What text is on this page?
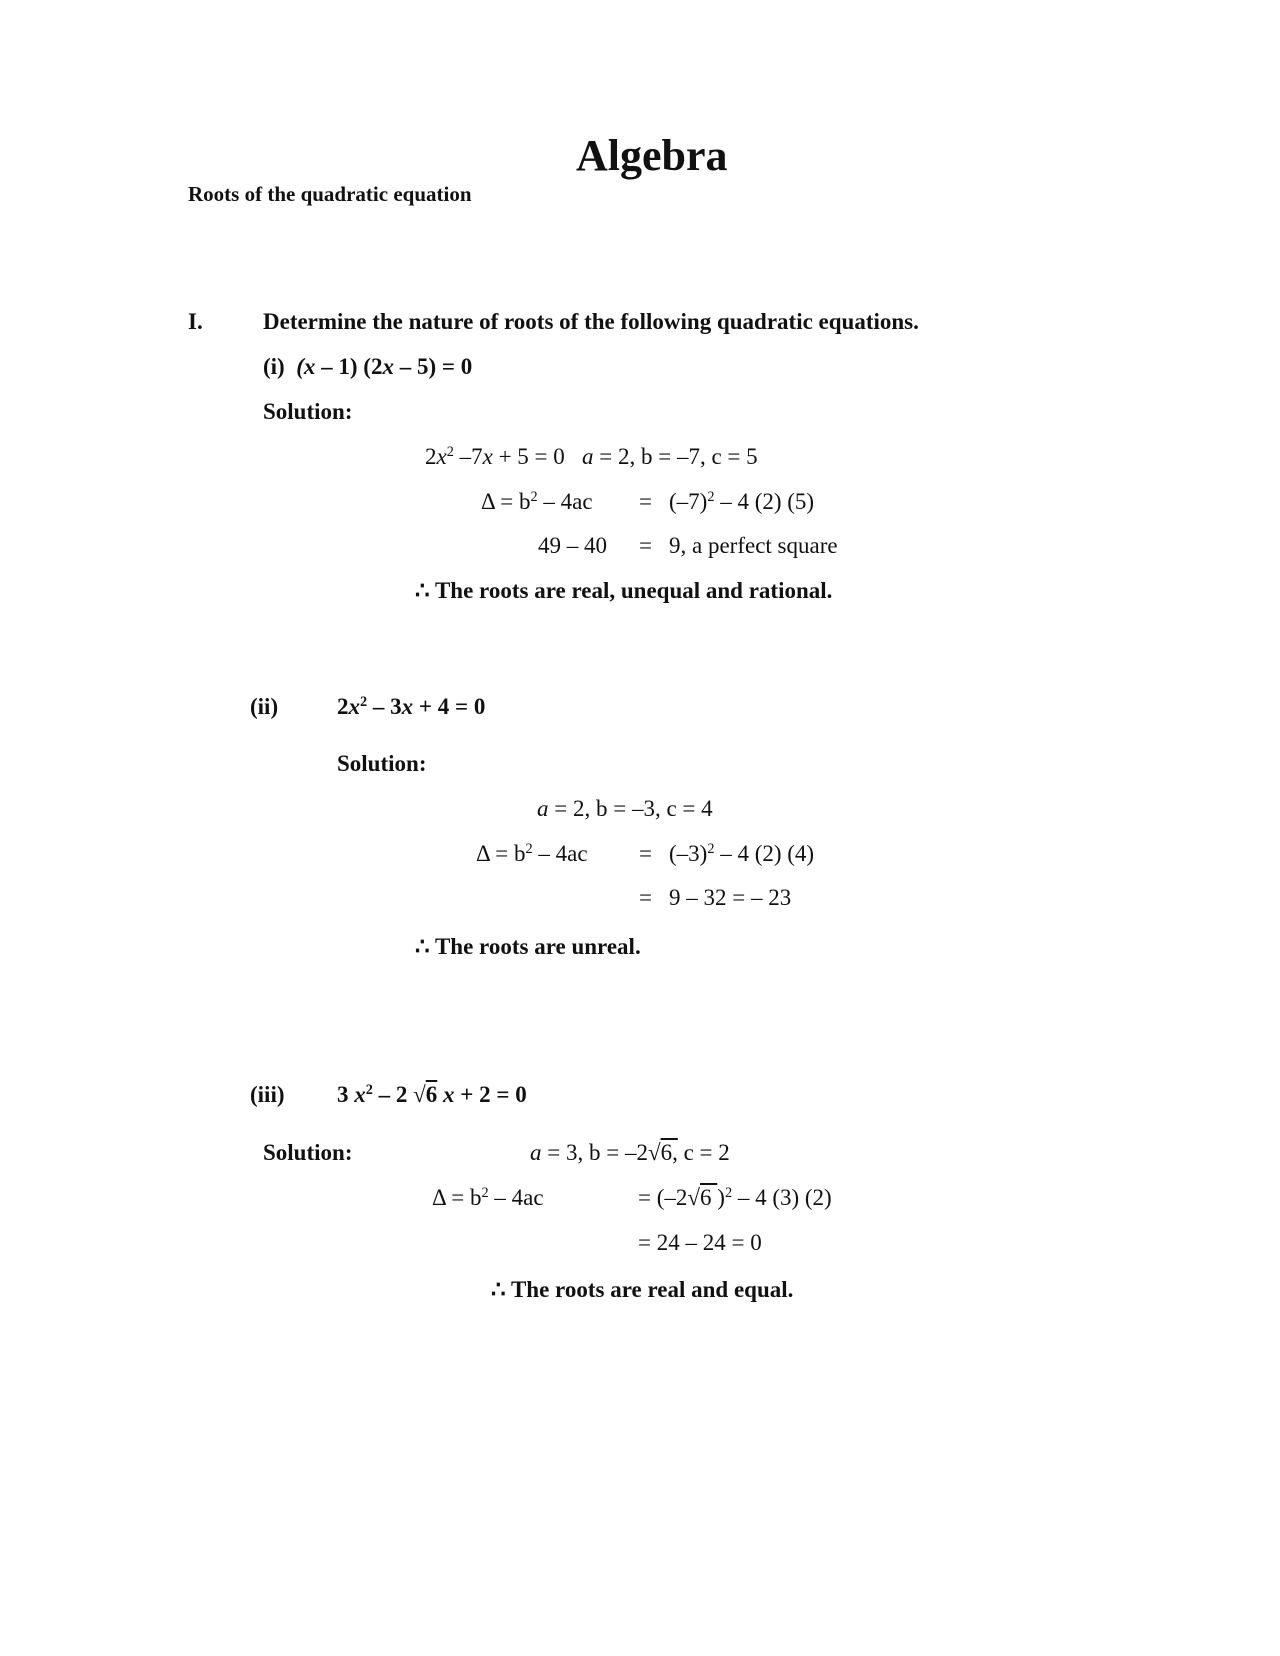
Algebra
Roots of the quadratic equation
I.	Determine the nature of roots of the following quadratic equations.
(i) (x – 1) (2x – 5) = 0
Solution:
$2x^2$ –7x + 5 = 0 a = 2, b = –7, c = 5
$\Delta = b^2 - 4ac = (-7)^2 - 4$ (2) (5)
49 – 40 = 9, a perfect square
∴ The roots are real, unequal and rational.
(ii)	$2x^2 - 3x + 4 = 0$
Solution:
a = 2, b = –3, c = 4
$\Delta = b^2 - 4ac = (-3)^2 - 4$ (2) (4)
= 9 – 32 = – 23
∴ The roots are unreal.
(iii) 3 $x^2 - 2$ √6 x + 2 = 0
Solution:	a = 3, b = –2√6, c = 2
$\Delta = b^2 - 4ac$	= (–2√6 )$^2$ – 4 (3) (2)
= 24 – 24 = 0
∴ The roots are real and equal.
